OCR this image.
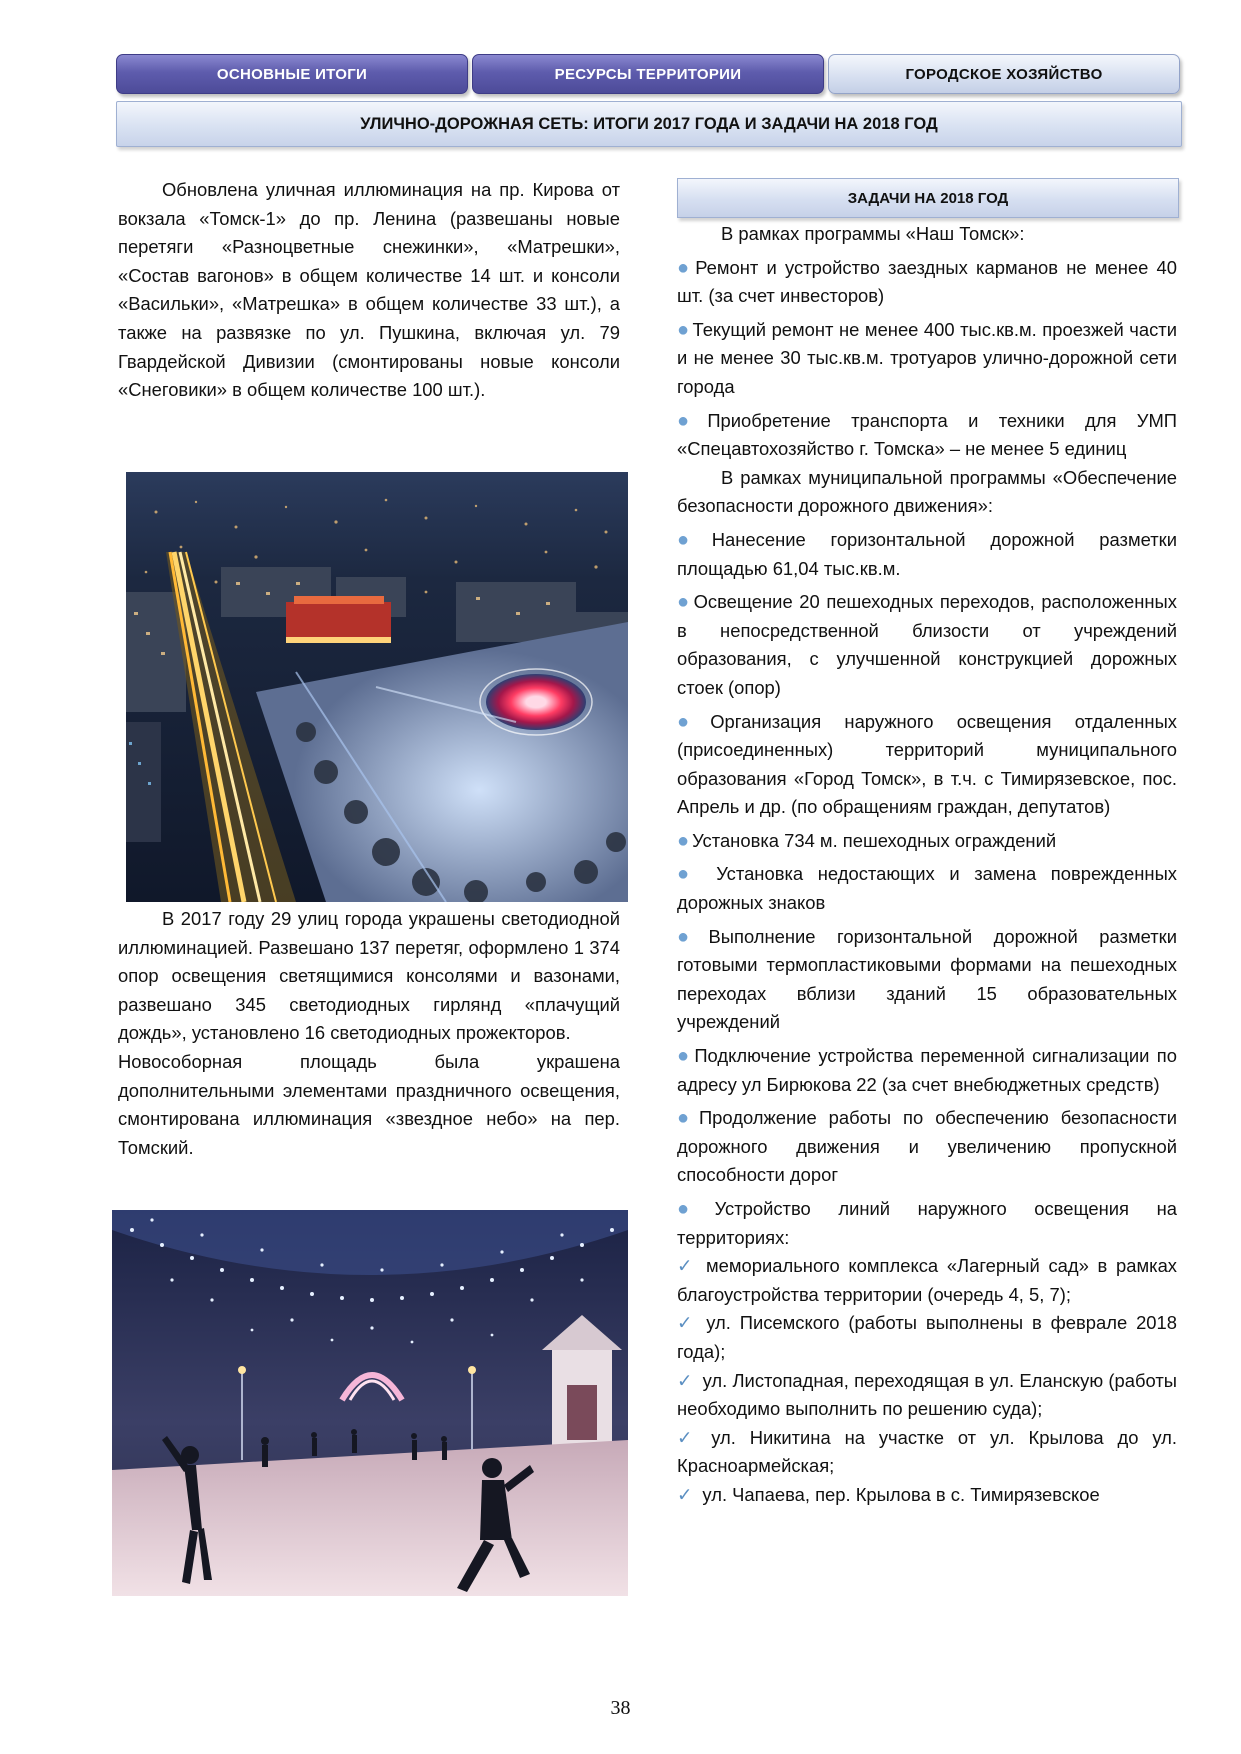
ОСНОВНЫЕ ИТОГИ	РЕСУРСЫ ТЕРРИТОРИИ	ГОРОДСКОЕ ХОЗЯЙСТВО
УЛИЧНО-ДОРОЖНАЯ СЕТЬ: ИТОГИ 2017 ГОДА И ЗАДАЧИ НА 2018 ГОД

Обновлена уличная иллюминация на пр. Кирова от вокзала «Томск-1» до пр. Ленина (развешаны новые перетяги «Разноцветные снежинки», «Матрешки», «Состав вагонов» в общем количестве 14 шт. и консоли «Васильки», «Матрешка» в общем количестве 33 шт.), а также на развязке по ул. Пушкина, включая ул. 79 Гвардейской Дивизии (смонтированы новые консоли «Снеговики» в общем количестве 100 шт.).

В 2017 году 29 улиц города украшены светодиодной иллюминацией. Развешано 137 перетяг, оформлено 1 374 опор освещения светящимися консолями и вазонами, развешано 345 светодиодных гирлянд «плачущий дождь», установлено 16 светодиодных прожекторов.

Новособорная площадь была украшена дополнительными элементами праздничного освещения, смонтирована иллюминация «звездное небо» на пер. Томский.

ЗАДАЧИ НА 2018 ГОД

В рамках программы «Наш Томск»:

● Ремонт и устройство заездных карманов не менее 40 шт. (за счет инвесторов)

● Текущий ремонт не менее 400 тыс.кв.м. проезжей части и не менее 30 тыс.кв.м. тротуаров улично-дорожной сети города

● Приобретение транспорта и техники для УМП «Спецавтохозяйство г. Томска» – не менее 5 единиц

В рамках муниципальной программы «Обеспечение безопасности дорожного движения»:

● Нанесение горизонтальной дорожной разметки площадью 61,04 тыс.кв.м.

● Освещение 20 пешеходных переходов, расположенных в непосредственной близости от учреждений образования, с улучшенной конструкцией дорожных стоек (опор)

● Организация наружного освещения отдаленных (присоединенных) территорий муниципального образования «Город Томск», в т.ч. с Тимирязевское, пос. Апрель и др. (по обращениям граждан, депутатов)

● Установка 734 м. пешеходных ограждений

● Установка недостающих и замена поврежденных дорожных знаков

● Выполнение горизонтальной дорожной разметки готовыми термопластиковыми формами на пешеходных переходах вблизи зданий 15 образовательных учреждений

● Подключение устройства переменной сигнализации по адресу ул Бирюкова 22 (за счет внебюджетных средств)

● Продолжение работы по обеспечению безопасности дорожного движения и увеличению пропускной способности дорог

● Устройство линий наружного освещения на территориях:

✓ мемориального комплекса «Лагерный сад» в рамках благоустройства территории (очередь 4, 5, 7);

✓ ул. Писемского (работы выполнены в феврале 2018 года);

✓ ул. Листопадная, переходящая в ул. Еланскую (работы необходимо выполнить по решению суда);

✓ ул. Никитина на участке от ул. Крылова до ул. Красноармейская;

✓ ул. Чапаева, пер. Крылова в с. Тимирязевское

38
